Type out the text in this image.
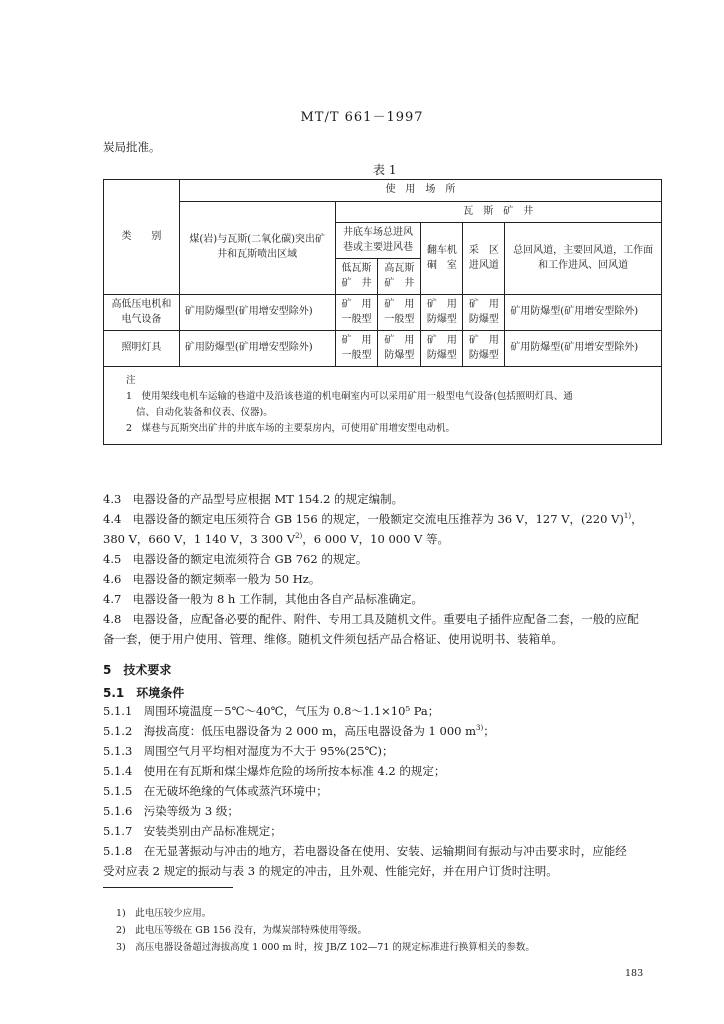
MT/T 661－1997
炭局批准。
表 1
类　　别	使　用　场　所					
	煤(岩)与瓦斯(二氧化碳)突出矿井和瓦斯喷出区域	瓦　斯　矿　井				
		井底车场总进风巷或主要进风巷		翻车机硐　室	采　区进风道	总回风道，主要回风道，工作面和工作进风、回风道
		低瓦斯矿　井	高瓦斯矿　井			
高低压电机和电气设备	矿用防爆型(矿用增安型除外)	矿　用一般型	矿　用一般型	矿　用防爆型	矿　用防爆型	矿用防爆型(矿用增安型除外)
照明灯具	矿用防爆型(矿用增安型除外)	矿　用一般型	矿　用防爆型	矿　用防爆型	矿　用防爆型	矿用防爆型(矿用增安型除外)

注
1　使用架线电机车运输的巷道中及沿该巷道的机电硐室内可以采用矿用一般型电气设备(包括照明灯具、通
信、自动化装备和仪表、仪器)。
2　煤巷与瓦斯突出矿井的井底车场的主要泵房内，可使用矿用增安型电动机。						
4.3　电器设备的产品型号应根据 MT 154.2 的规定编制。
4.4　电器设备的额定电压须符合 GB 156 的规定，一般额定交流电压推荐为 36 V，127 V，(220 V)$^{1)}$，
380 V，660 V，1 140 V，3 300 $V^{2)}$，6 000 V，10 000 V 等。
4.5　电器设备的额定电流须符合 GB 762 的规定。
4.6　电器设备的额定频率一般为 50 Hz。
4.7　电器设备一般为 8 h 工作制，其他由各自产品标准确定。
4.8　电器设备，应配备必要的配件、附件、专用工具及随机文件。重要电子插件应配备二套，一般的应配
备一套，便于用户使用、管理、维修。随机文件须包括产品合格证、使用说明书、装箱单。
5　技术要求
5.1　环境条件
5.1.1　周围环境温度－5℃～40℃，气压为 0.8～1.1×10⁵ Pa；
5.1.2　海拔高度：低压电器设备为 2 000 m，高压电器设备为 1 000 $m^{3)}$；
5.1.3　周围空气月平均相对湿度为不大于 95%(25℃)；
5.1.4　使用在有瓦斯和煤尘爆炸危险的场所按本标准 4.2 的规定；
5.1.5　在无破坏绝缘的气体或蒸汽环境中；
5.1.6　污染等级为 3 级；
5.1.7　安装类别由产品标准规定；
5.1.8　在无显著振动与冲击的地方，若电器设备在使用、安装、运输期间有振动与冲击要求时，应能经
受对应表 2 规定的振动与表 3 的规定的冲击，且外观、性能完好，并在用户订货时注明。
1)　此电压较少应用。
2)　此电压等级在 GB 156 没有，为煤炭部特殊使用等级。
3)　高压电器设备超过海拔高度 1 000 m 时，按 JB/Z 102—71 的规定标准进行换算相关的参数。
183
